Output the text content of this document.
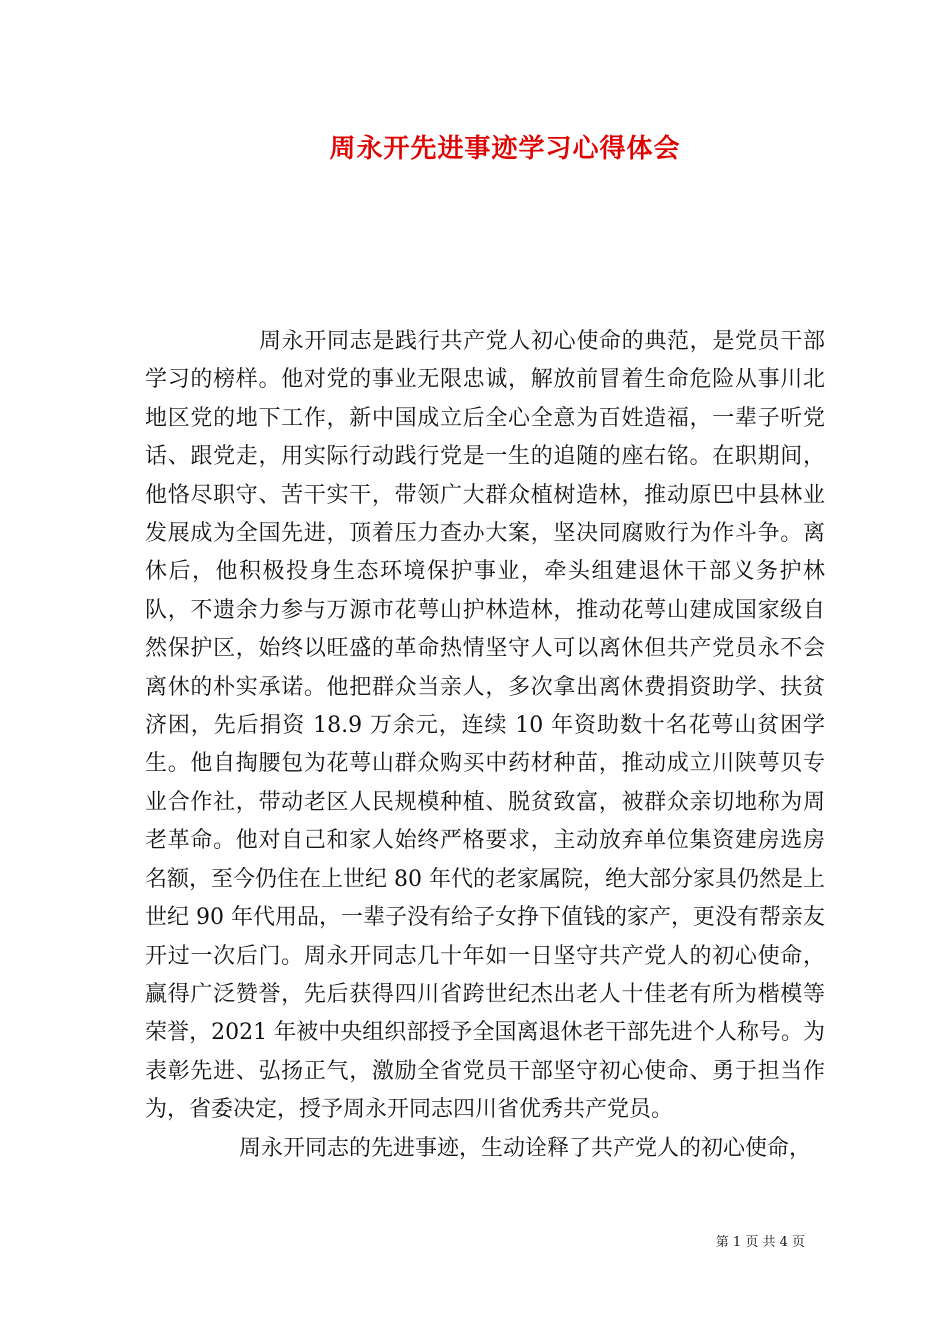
周永开先进事迹学习心得体会

周永开同志是践行共产党人初心使命的典范，是党员干部学习的榜样。他对党的事业无限忠诚，解放前冒着生命危险从事川北地区党的地下工作，新中国成立后全心全意为百姓造福，一辈子听党话、跟党走，用实际行动践行党是一生的追随的座右铭。在职期间，他恪尽职守、苦干实干，带领广大群众植树造林，推动原巴中县林业发展成为全国先进，顶着压力查办大案，坚决同腐败行为作斗争。离休后，他积极投身生态环境保护事业，牵头组建退休干部义务护林队，不遗余力参与万源市花萼山护林造林，推动花萼山建成国家级自然保护区，始终以旺盛的革命热情坚守人可以离休但共产党员永不会离休的朴实承诺。他把群众当亲人，多次拿出离休费捐资助学、扶贫济困，先后捐资 18.9 万余元，连续 10 年资助数十名花萼山贫困学生。他自掏腰包为花萼山群众购买中药材种苗，推动成立川陕萼贝专业合作社，带动老区人民规模种植、脱贫致富，被群众亲切地称为周老革命。他对自己和家人始终严格要求，主动放弃单位集资建房选房名额，至今仍住在上世纪 80 年代的老家属院，绝大部分家具仍然是上世纪 90 年代用品，一辈子没有给子女挣下值钱的家产，更没有帮亲友开过一次后门。周永开同志几十年如一日坚守共产党人的初心使命，赢得广泛赞誉，先后获得四川省跨世纪杰出老人十佳老有所为楷模等荣誉，2021 年被中央组织部授予全国离退休老干部先进个人称号。为表彰先进、弘扬正气，激励全省党员干部坚守初心使命、勇于担当作为，省委决定，授予周永开同志四川省优秀共产党员。

周永开同志的先进事迹，生动诠释了共产党人的初心使命，

第 1 页 共 4 页
